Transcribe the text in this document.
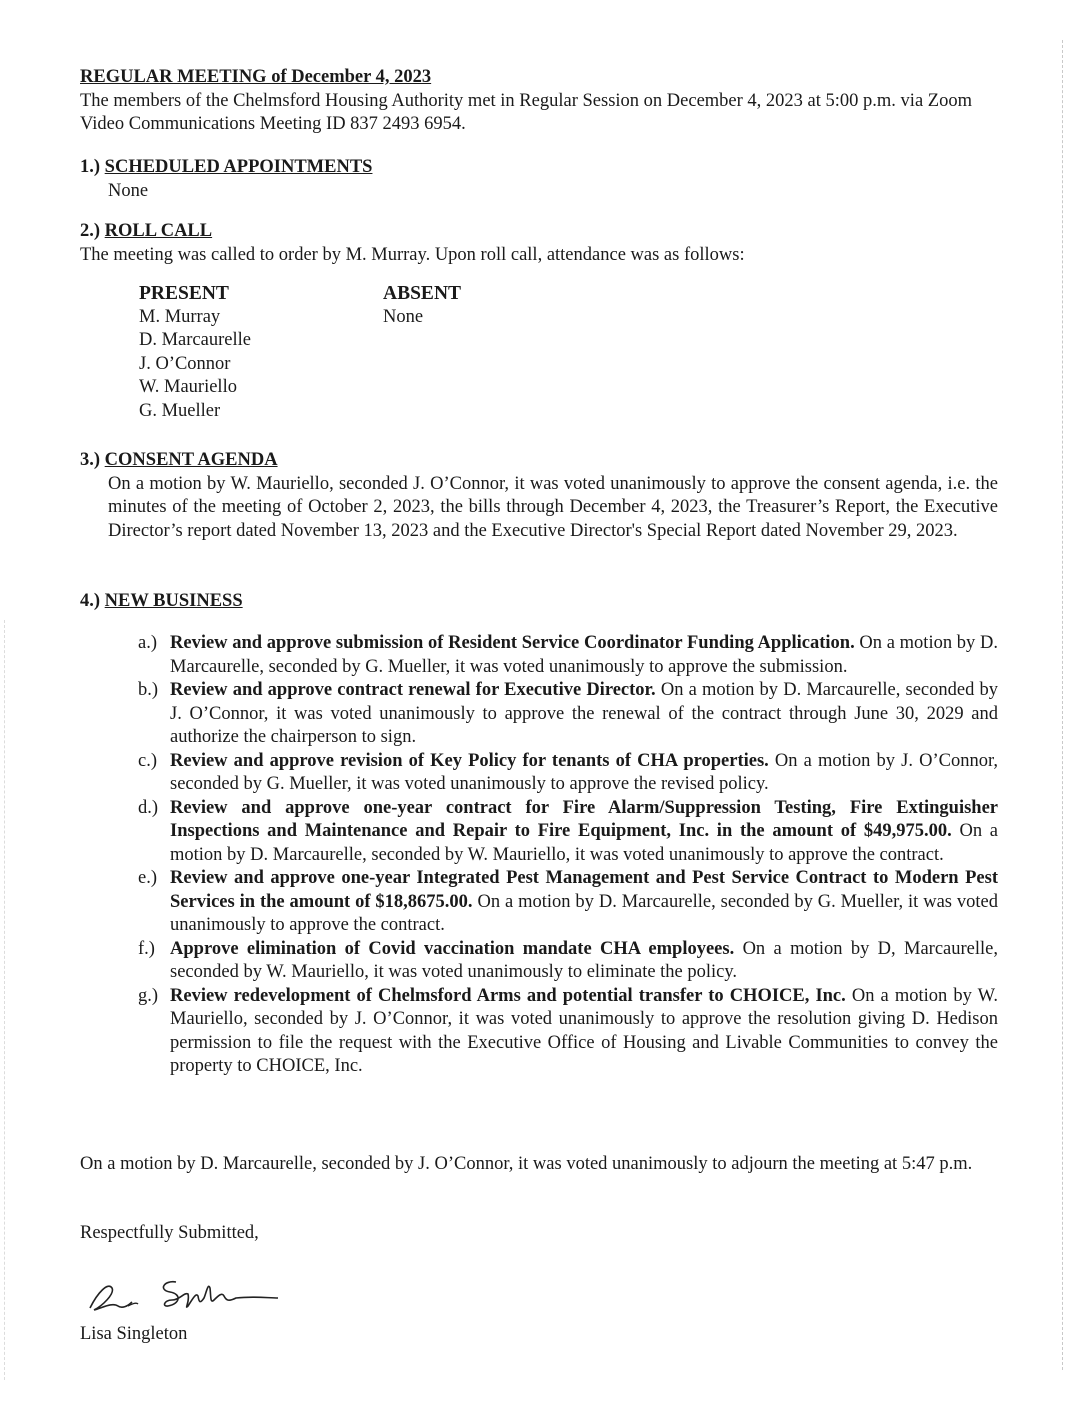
REGULAR MEETING of December 4, 2023
The members of the Chelmsford Housing Authority met in Regular Session on December 4, 2023 at 5:00 p.m. via Zoom Video Communications Meeting ID 837 2493 6954.
1.) SCHEDULED APPOINTMENTS
None
2.) ROLL CALL
The meeting was called to order by M. Murray. Upon roll call, attendance was as follows:
PRESENT
M. Murray
D. Marcaurelle
J. O’Connor
W. Mauriello
G. Mueller
ABSENT
None
3.) CONSENT AGENDA
On a motion by W. Mauriello, seconded J. O’Connor, it was voted unanimously to approve the consent agenda, i.e. the minutes of the meeting of October 2, 2023, the bills through December 4, 2023, the Treasurer’s Report, the Executive Director’s report dated November 13, 2023 and the Executive Director's Special Report dated November 29, 2023.
4.) NEW BUSINESS
a.) Review and approve submission of Resident Service Coordinator Funding Application. On a motion by D. Marcaurelle, seconded by G. Mueller, it was voted unanimously to approve the submission.
b.) Review and approve contract renewal for Executive Director. On a motion by D. Marcaurelle, seconded by J. O’Connor, it was voted unanimously to approve the renewal of the contract through June 30, 2029 and authorize the chairperson to sign.
c.) Review and approve revision of Key Policy for tenants of CHA properties. On a motion by J. O’Connor, seconded by G. Mueller, it was voted unanimously to approve the revised policy.
d.) Review and approve one-year contract for Fire Alarm/Suppression Testing, Fire Extinguisher Inspections and Maintenance and Repair to Fire Equipment, Inc. in the amount of $49,975.00. On a motion by D. Marcaurelle, seconded by W. Mauriello, it was voted unanimously to approve the contract.
e.) Review and approve one-year Integrated Pest Management and Pest Service Contract to Modern Pest Services in the amount of $18,8675.00. On a motion by D. Marcaurelle, seconded by G. Mueller, it was voted unanimously to approve the contract.
f.) Approve elimination of Covid vaccination mandate CHA employees. On a motion by D, Marcaurelle, seconded by W. Mauriello, it was voted unanimously to eliminate the policy.
g.) Review redevelopment of Chelmsford Arms and potential transfer to CHOICE, Inc. On a motion by W. Mauriello, seconded by J. O’Connor, it was voted unanimously to approve the resolution giving D. Hedison permission to file the request with the Executive Office of Housing and Livable Communities to convey the property to CHOICE, Inc.
On a motion by D. Marcaurelle, seconded by J. O’Connor, it was voted unanimously to adjourn the meeting at 5:47 p.m.
Respectfully Submitted,
Lisa Singleton
